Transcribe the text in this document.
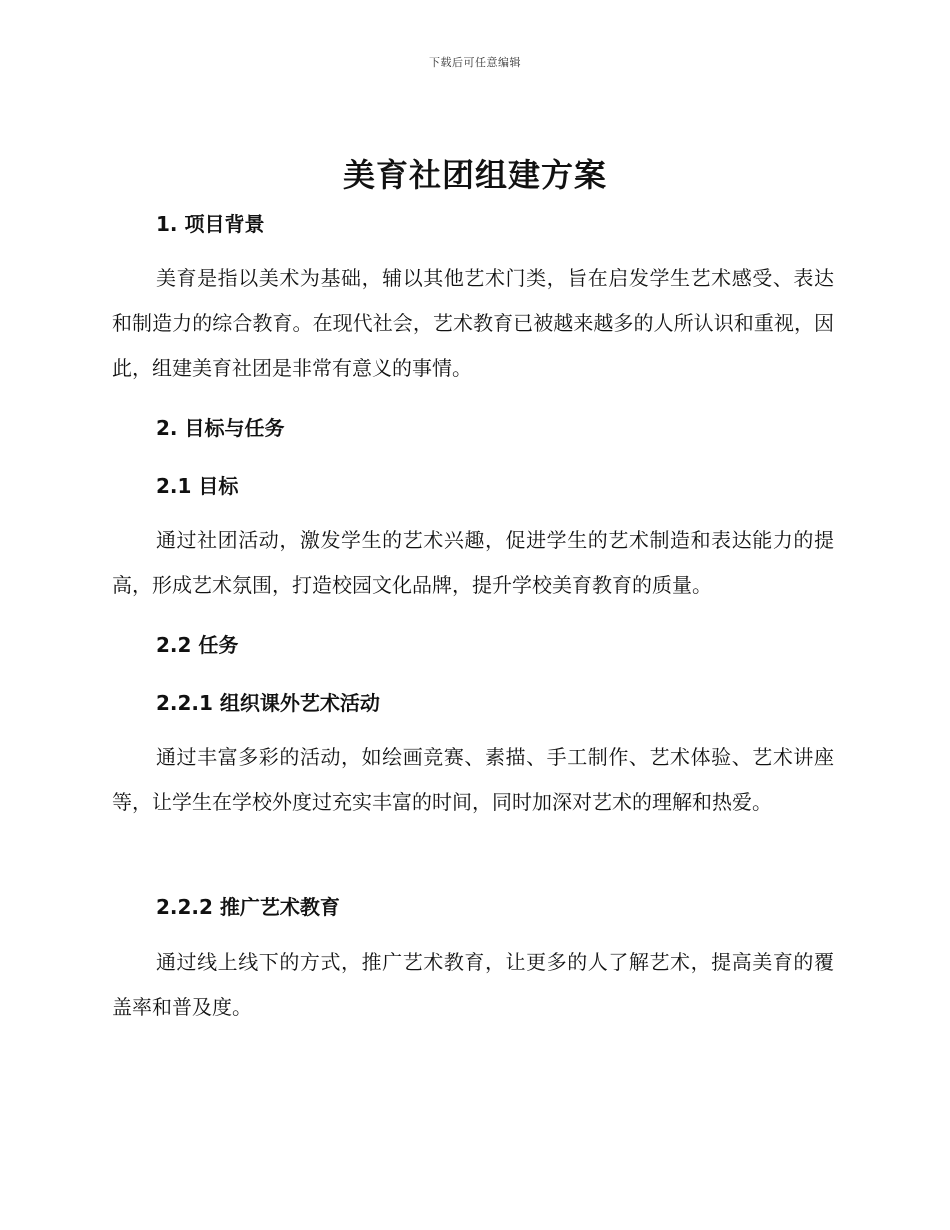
下载后可任意编辑
美育社团组建方案
1. 项目背景

美育是指以美术为基础，辅以其他艺术门类，旨在启发学生艺术感受、表达和制造力的综合教育。在现代社会，艺术教育已被越来越多的人所认识和重视，因此，组建美育社团是非常有意义的事情。

2. 目标与任务
2.1 目标

通过社团活动，激发学生的艺术兴趣，促进学生的艺术制造和表达能力的提高，形成艺术氛围，打造校园文化品牌，提升学校美育教育的质量。

2.2 任务
2.2.1 组织课外艺术活动

通过丰富多彩的活动，如绘画竞赛、素描、手工制作、艺术体验、艺术讲座等，让学生在学校外度过充实丰富的时间，同时加深对艺术的理解和热爱。

2.2.2 推广艺术教育

通过线上线下的方式，推广艺术教育，让更多的人了解艺术，提高美育的覆盖率和普及度。
